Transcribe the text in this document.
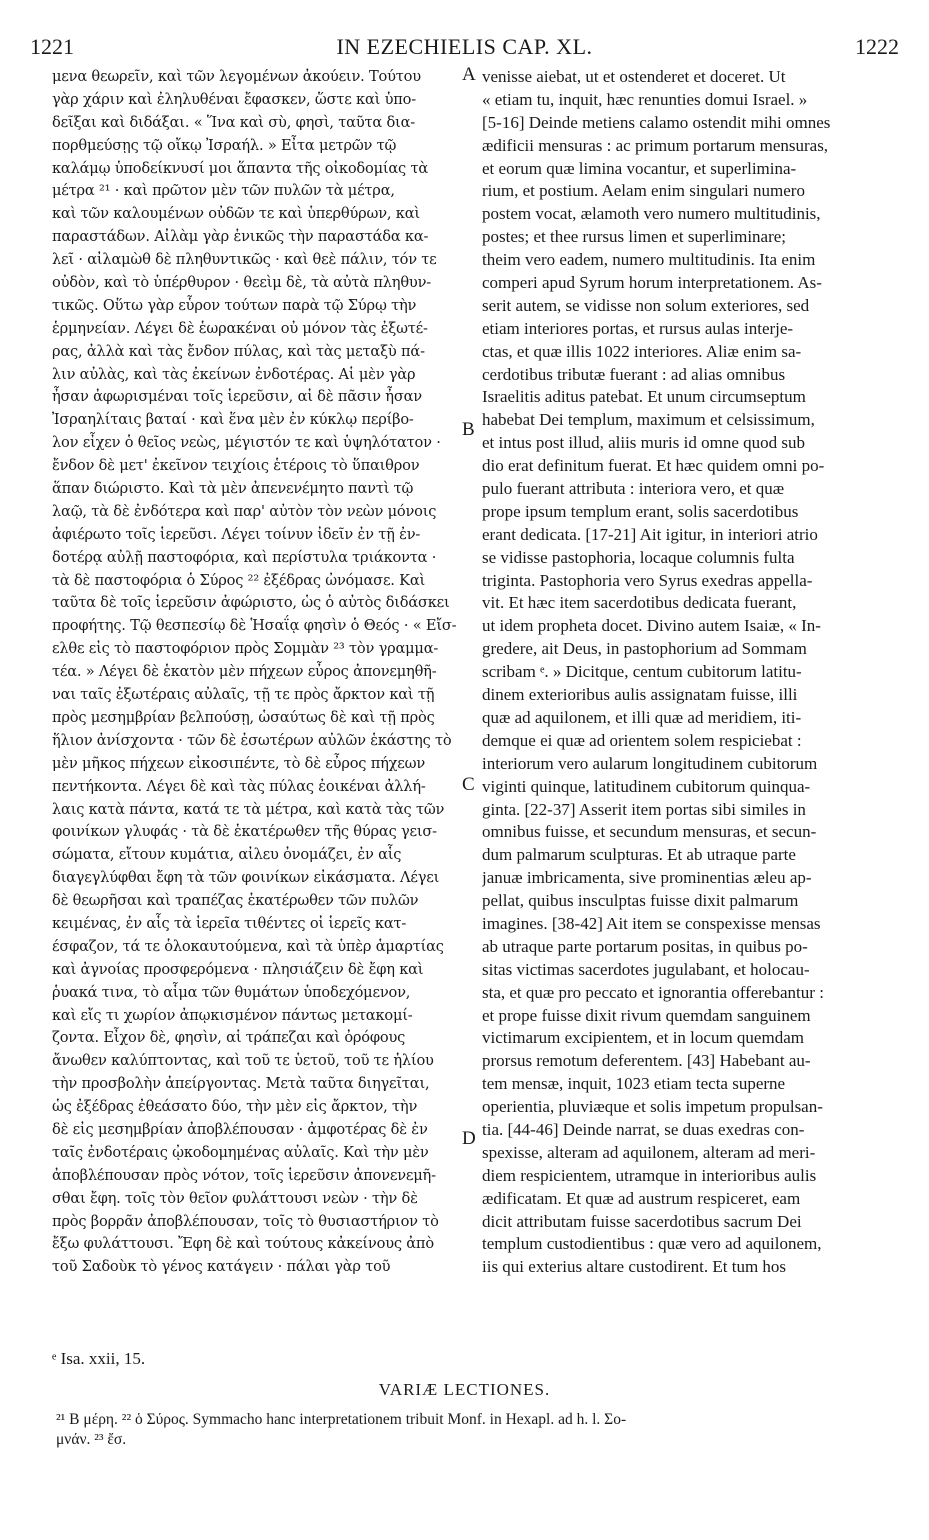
1221	IN EZECHIELIS CAP. XL.	1222
μενα θεωρεῖν, καὶ τῶν λεγομένων ἀκούειν. Τούτου
γὰρ χάριν καὶ ἐληλυθέναι ἔφασκεν, ὥστε καὶ ὑπο-
δεῖξαι καὶ διδάξαι. « Ἵνα καὶ σὺ, φησὶ, ταῦτα δια-
πορθμεύσῃς τῷ οἴκῳ Ἰσραήλ. » Εἶτα μετρῶν τῷ
καλάμῳ ὑποδείκνυσί μοι ἅπαντα τῆς οἰκοδομίας τὰ
μέτρα ²¹ · καὶ πρῶτον μὲν τῶν πυλῶν τὰ μέτρα,
καὶ τῶν καλουμένων οὐδῶν τε καὶ ὑπερθύρων, καὶ
παραστάδων. Αἰλὰμ γὰρ ἑνικῶς τὴν παραστάδα κα-
λεῖ · αἰλαμὼθ δὲ πληθυντικῶς · καὶ θεὲ πάλιν, τόν τε
οὐδὸν, καὶ τὸ ὑπέρθυρον · θεεὶμ δὲ, τὰ αὐτὰ πληθυν-
τικῶς. Οὕτω γὰρ εὗρον τούτων παρὰ τῷ Σύρῳ τὴν
ἑρμηνείαν. Λέγει δὲ ἑωρακέναι οὐ μόνον τὰς ἐξωτέ-
ρας, ἀλλὰ καὶ τὰς ἔνδον πύλας, καὶ τὰς μεταξὺ πά-
λιν αὐλὰς, καὶ τὰς ἐκείνων ἐνδοτέρας. Αἱ μὲν γὰρ
ἦσαν ἀφωρισμέναι τοῖς ἱερεῦσιν, αἱ δὲ πᾶσιν ἦσαν
Ἰσραηλίταις βαταί · καὶ ἕνα μὲν ἐν κύκλῳ περίβο-
λον εἶχεν ὁ θεῖος νεὼς, μέγιστόν τε καὶ ὑψηλότατον ·
ἔνδον δὲ μετ' ἐκεῖνον τειχίοις ἑτέροις τὸ ὕπαιθρον
ἅπαν διώριστο. Καὶ τὰ μὲν ἀπενενέμητο παντὶ τῷ
λαῷ, τὰ δὲ ἐνδότερα καὶ παρ' αὐτὸν τὸν νεὼν μόνοις
ἀφιέρωτο τοῖς ἱερεῦσι. Λέγει τοίνυν ἰδεῖν ἐν τῇ ἐν-
δοτέρᾳ αὐλῇ παστοφόρια, καὶ περίστυλα τριάκοντα ·
τὰ δὲ παστοφόρια ὁ Σύρος ²² ἐξέδρας ὠνόμασε. Καὶ
ταῦτα δὲ τοῖς ἱερεῦσιν ἀφώριστο, ὡς ὁ αὐτὸς διδάσκει
προφήτης. Τῷ θεσπεσίῳ δὲ Ἡσαΐᾳ φησὶν ὁ Θεός · « Εἴσ-
ελθε εἰς τὸ παστοφόριον πρὸς Σομμὰν ²³ τὸν γραμμα-
τέα. » Λέγει δὲ ἑκατὸν μὲν πήχεων εὖρος ἀπονεμηθῆ-
ναι ταῖς ἐξωτέραις αὐλαῖς, τῇ τε πρὸς ἄρκτον καὶ τῇ
πρὸς μεσημβρίαν βελπούσῃ, ὡσαύτως δὲ καὶ τῇ πρὸς
ἥλιον ἀνίσχοντα · τῶν δὲ ἐσωτέρων αὐλῶν ἑκάστης τὸ
μὲν μῆκος πήχεων εἰκοσιπέντε, τὸ δὲ εὖρος πήχεων
πεντήκοντα. Λέγει δὲ καὶ τὰς πύλας ἐοικέναι ἀλλή-
λαις κατὰ πάντα, κατά τε τὰ μέτρα, καὶ κατὰ τὰς τῶν
φοινίκων γλυφάς · τὰ δὲ ἑκατέρωθεν τῆς θύρας γεισ-
σώματα, εἴτουν κυμάτια, αἰλευ ὀνομάζει, ἐν αἷς
διαγεγλύφθαι ἔφη τὰ τῶν φοινίκων εἰκάσματα. Λέγει
δὲ θεωρῆσαι καὶ τραπέζας ἑκατέρωθεν τῶν πυλῶν
κειμένας, ἐν αἷς τὰ ἱερεῖα τιθέντες οἱ ἱερεῖς κατ-
έσφαζον, τά τε ὁλοκαυτούμενα, καὶ τὰ ὑπὲρ ἁμαρτίας
καὶ ἀγνοίας προσφερόμενα · πλησιάζειν δὲ ἔφη καὶ
ῥυακά τινα, τὸ αἷμα τῶν θυμάτων ὑποδεχόμενον,
καὶ εἴς τι χωρίον ἀπῳκισμένον πάντως μετακομί-
ζοντα. Εἶχον δὲ, φησὶν, αἱ τράπεζαι καὶ ὀρόφους
ἄνωθεν καλύπτοντας, καὶ τοῦ τε ὑετοῦ, τοῦ τε ἡλίου
τὴν προσβολὴν ἀπείργοντας. Μετὰ ταῦτα διηγεῖται,
ὡς ἐξέδρας ἐθεάσατο δύο, τὴν μὲν εἰς ἄρκτον, τὴν
δὲ εἰς μεσημβρίαν ἀποβλέπουσαν · ἀμφοτέρας δὲ ἐν
ταῖς ἐνδοτέραις ᾠκοδομημένας αὐλαῖς. Καὶ τὴν μὲν
ἀποβλέπουσαν πρὸς νότον, τοῖς ἱερεῦσιν ἀπονενεμῆ-
σθαι ἔφη. τοῖς τὸν θεῖον φυλάττουσι νεὼν · τὴν δὲ
πρὸς βορρᾶν ἀποβλέπουσαν, τοῖς τὸ θυσιαστήριον τὸ
ἔξω φυλάττουσι. Ἔφη δὲ καὶ τούτους κἀκείνους ἀπὸ
τοῦ Σαδοὺκ τὸ γένος κατάγειν · πάλαι γὰρ τοῦ
venisse aiebat, ut et ostenderet et doceret. Ut
« etiam tu, inquit, hæc renunties domui Israel. »
[5-16] Deinde metiens calamo ostendit mihi omnes
ædificii mensuras : ac primum portarum mensuras,
et eorum quæ limina vocantur, et superlimina-
rium, et postium. Aelam enim singulari numero
postem vocat, ælamoth vero numero multitudinis,
postes; et thee rursus limen et superliminare;
theim vero eadem, numero multitudinis. Ita enim
comperi apud Syrum horum interpretationem. As-
serit autem, se vidisse non solum exteriores, sed
etiam interiores portas, et rursus aulas interje-
ctas, et quæ illis 1022 interiores. Aliæ enim sa-
cerdotibus tributæ fuerant : ad alias omnibus
Israelitis aditus patebat. Et unum circumseptum
habebat Dei templum, maximum et celsissimum,
et intus post illud, aliis muris id omne quod sub
dio erat definitum fuerat. Et hæc quidem omni po-
pulo fuerant attributa : interiora vero, et quæ
prope ipsum templum erant, solis sacerdotibus
erant dedicata. [17-21] Ait igitur, in interiori atrio
se vidisse pastophoria, locaque columnis fulta
triginta. Pastophoria vero Syrus exedras appella-
vit. Et hæc item sacerdotibus dedicata fuerant,
ut idem propheta docet. Divino autem Isaiæ, « In-
gredere, ait Deus, in pastophorium ad Sommam
scribam ᵉ. » Dicitque, centum cubitorum latitu-
dinem exterioribus aulis assignatam fuisse, illi
quæ ad aquilonem, et illi quæ ad meridiem, iti-
demque ei quæ ad orientem solem respiciebat :
interiorum vero aularum longitudinem cubitorum
viginti quinque, latitudinem cubitorum quinqua-
ginta. [22-37] Asserit item portas sibi similes in
omnibus fuisse, et secundum mensuras, et secun-
dum palmarum sculpturas. Et ab utraque parte
januæ imbricamenta, sive prominentias æleu ap-
pellat, quibus insculptas fuisse dixit palmarum
imagines. [38-42] Ait item se conspexisse mensas
ab utraque parte portarum positas, in quibus po-
sitas victimas sacerdotes jugulabant, et holocau-
sta, et quæ pro peccato et ignorantia offerebantur :
et prope fuisse dixit rivum quemdam sanguinem
victimarum excipientem, et in locum quemdam
prorsus remotum deferentem. [43] Habebant au-
tem mensæ, inquit, 1023 etiam tecta superne
operientia, pluviæque et solis impetum propulsan-
tia. [44-46] Deinde narrat, se duas exedras con-
spexisse, alteram ad aquilonem, alteram ad meri-
diem respicientem, utramque in interioribus aulis
ædificatam. Et quæ ad austrum respiceret, eam
dicit attributam fuisse sacerdotibus sacrum Dei
templum custodientibus : quæ vero ad aquilonem,
iis qui exterius altare custodirent. Et tum hos
A
B
C
D
ᵉ Isa. xxii, 15.
VARIÆ LECTIONES.
²¹ B μέρη. ²² ὁ Σύρος. Symmacho hanc interpretationem tribuit Monf. in Hexapl. ad h. l. Σο-
μνάν. ²³ ἔσ.
